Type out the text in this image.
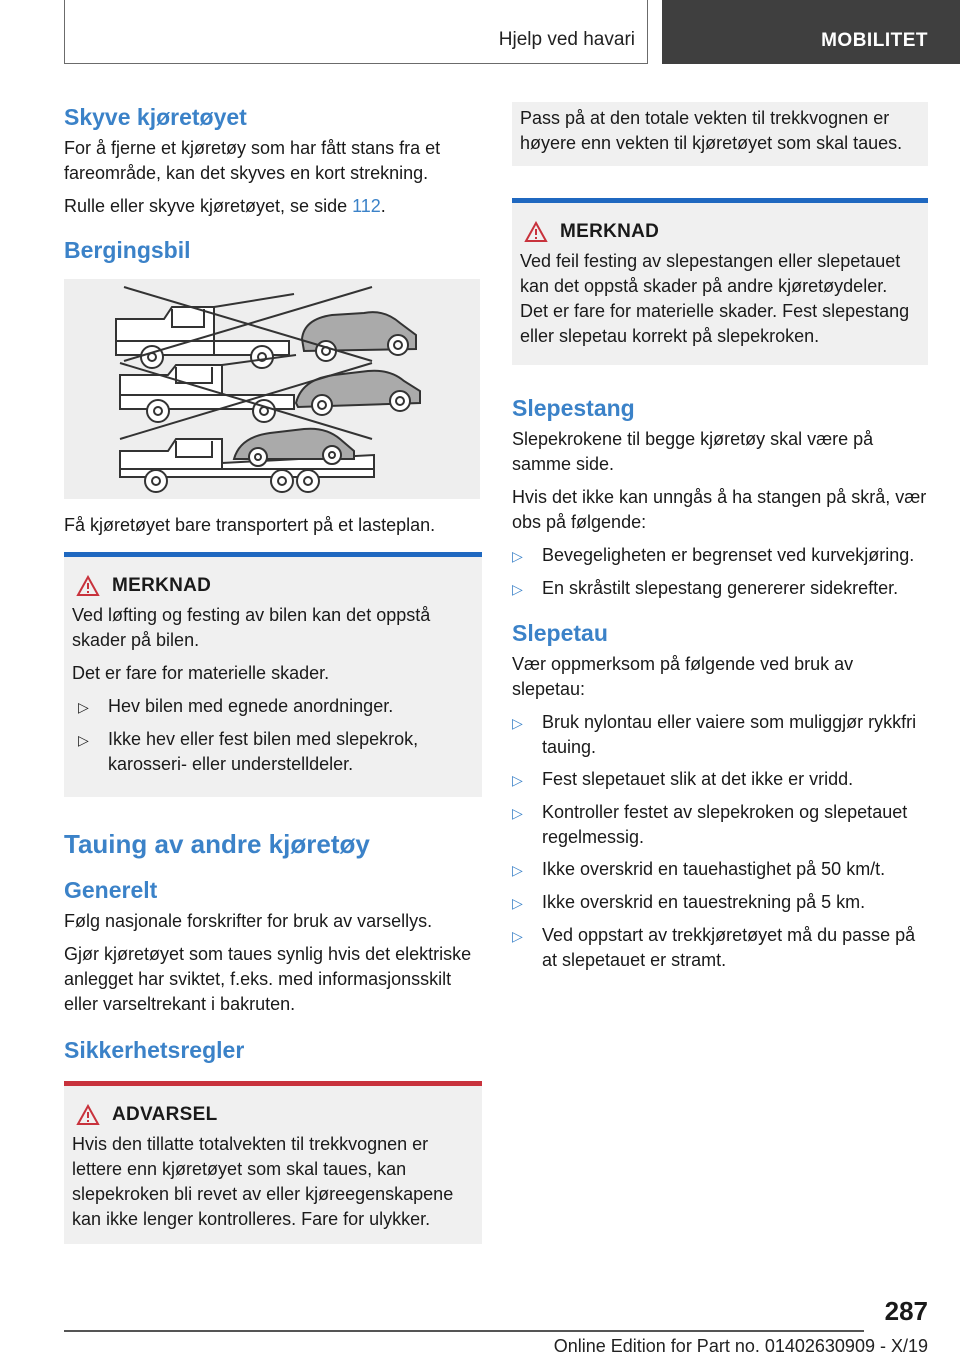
Hjelp ved havari	MOBILITET
Skyve kjøretøyet

For å fjerne et kjøretøy som har fått stans fra et fareområde, kan det skyves en kort strekning.

Rulle eller skyve kjøretøyet, se side 112.

Bergingsbil

Få kjøretøyet bare transportert på et lasteplan.

MERKNAD

Ved løfting og festing av bilen kan det oppstå skader på bilen.

Det er fare for materielle skader.

▷	Hev bilen med egnede anordninger.
▷	Ikke hev eller fest bilen med slepekrok, karosseri- eller understelldeler.
Tauing av andre kjøretøy
Generelt

Følg nasjonale forskrifter for bruk av varsellys.

Gjør kjøretøyet som taues synlig hvis det elektriske anlegget har sviktet, f.eks. med informasjonsskilt eller varseltrekant i bakruten.

Sikkerhetsregler
ADVARSEL

Hvis den tillatte totalvekten til trekkvognen er lettere enn kjøretøyet som skal taues, kan slepekroken bli revet av eller kjøreegenskapene kan ikke lenger kontrolleres. Fare for ulykker.

Pass på at den totale vekten til trekkvognen er høyere enn vekten til kjøretøyet som skal taues.

MERKNAD

Ved feil festing av slepestangen eller slepetauet kan det oppstå skader på andre kjøretøydeler. Det er fare for materielle skader. Fest slepestang eller slepetau korrekt på slepekroken.

Slepestang

Slepekrokene til begge kjøretøy skal være på samme side.

Hvis det ikke kan unngås å ha stangen på skrå, vær obs på følgende:

▷	Bevegeligheten er begrenset ved kurvekjøring.
▷	En skråstilt slepestang genererer sidekrefter.
Slepetau

Vær oppmerksom på følgende ved bruk av slepetau:

▷	Bruk nylontau eller vaiere som muliggjør rykkfri tauing.
▷	Fest slepetauet slik at det ikke er vridd.
▷	Kontroller festet av slepekroken og slepetauet regelmessig.
▷	Ikke overskrid en tauehastighet på 50 km/t.
▷	Ikke overskrid en tauestrekning på 5 km.
▷	Ved oppstart av trekkjøretøyet må du passe på at slepetauet er stramt.
287
Online Edition for Part no. 01402630909 - X/19
